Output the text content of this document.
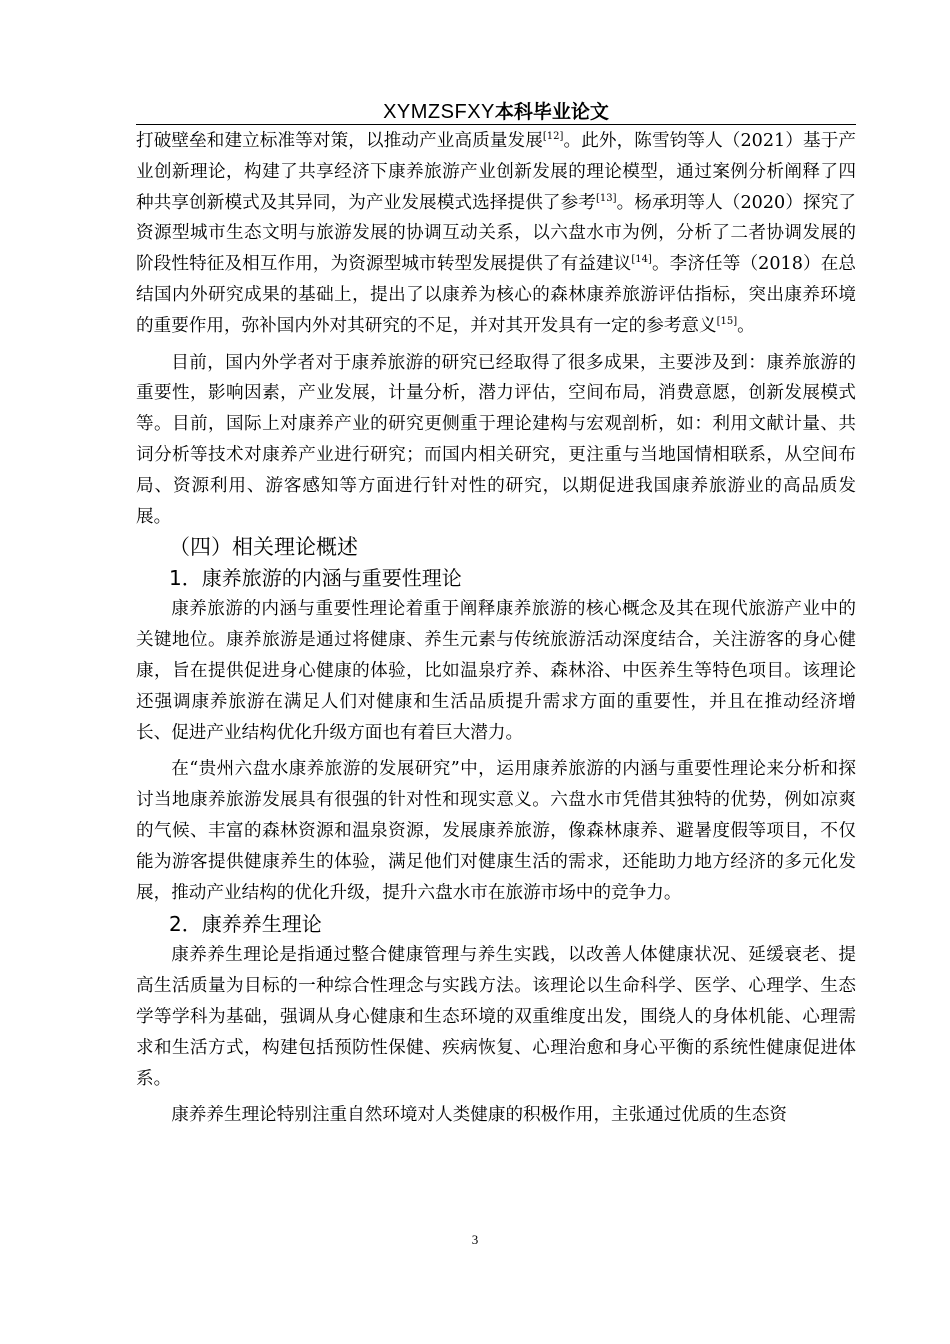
XYMZSFXY本科毕业论文

打破壁垒和建立标准等对策，以推动产业高质量发展[12]。此外，陈雪钧等人（2021）基于产业创新理论，构建了共享经济下康养旅游产业创新发展的理论模型，通过案例分析阐释了四种共享创新模式及其异同，为产业发展模式选择提供了参考[13]。杨承玥等人（2020）探究了资源型城市生态文明与旅游发展的协调互动关系，以六盘水市为例，分析了二者协调发展的阶段性特征及相互作用，为资源型城市转型发展提供了有益建议[14]。李济任等（2018）在总结国内外研究成果的基础上，提出了以康养为核心的森林康养旅游评估指标，突出康养环境的重要作用，弥补国内外对其研究的不足，并对其开发具有一定的参考意义[15]。

目前，国内外学者对于康养旅游的研究已经取得了很多成果，主要涉及到：康养旅游的重要性，影响因素，产业发展，计量分析，潜力评估，空间布局，消费意愿，创新发展模式等。目前，国际上对康养产业的研究更侧重于理论建构与宏观剖析，如：利用文献计量、共词分析等技术对康养产业进行研究；而国内相关研究，更注重与当地国情相联系，从空间布局、资源利用、游客感知等方面进行针对性的研究，以期促进我国康养旅游业的高品质发展。

（四）相关理论概述
1．康养旅游的内涵与重要性理论

康养旅游的内涵与重要性理论着重于阐释康养旅游的核心概念及其在现代旅游产业中的关键地位。康养旅游是通过将健康、养生元素与传统旅游活动深度结合，关注游客的身心健康，旨在提供促进身心健康的体验，比如温泉疗养、森林浴、中医养生等特色项目。该理论还强调康养旅游在满足人们对健康和生活品质提升需求方面的重要性，并且在推动经济增长、促进产业结构优化升级方面也有着巨大潜力。

在“贵州六盘水康养旅游的发展研究”中，运用康养旅游的内涵与重要性理论来分析和探讨当地康养旅游发展具有很强的针对性和现实意义。六盘水市凭借其独特的优势，例如凉爽的气候、丰富的森林资源和温泉资源，发展康养旅游，像森林康养、避暑度假等项目，不仅能为游客提供健康养生的体验，满足他们对健康生活的需求，还能助力地方经济的多元化发展，推动产业结构的优化升级，提升六盘水市在旅游市场中的竞争力。

2．康养养生理论

康养养生理论是指通过整合健康管理与养生实践，以改善人体健康状况、延缓衰老、提高生活质量为目标的一种综合性理念与实践方法。该理论以生命科学、医学、心理学、生态学等学科为基础，强调从身心健康和生态环境的双重维度出发，围绕人的身体机能、心理需求和生活方式，构建包括预防性保健、疾病恢复、心理治愈和身心平衡的系统性健康促进体系。

康养养生理论特别注重自然环境对人类健康的积极作用，主张通过优质的生态资

3
